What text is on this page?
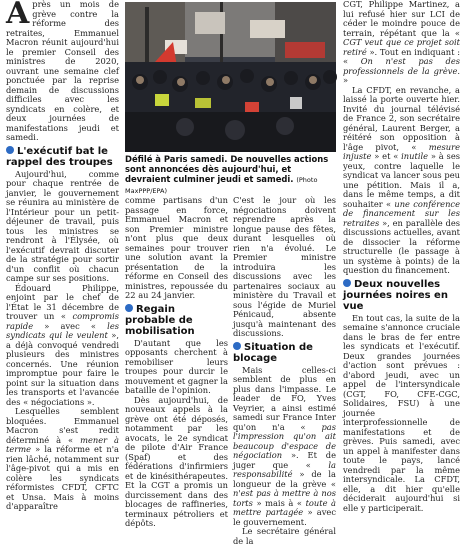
Après un mois de grève contre la réforme des retraites, Emmanuel Macron réunit aujourd'hui le premier Conseil des ministres de 2020, ouvrant une semaine clef ponctuée par la reprise demain de discussions difficiles avec les syndicats en colère, et deux journées de manifestations jeudi et samedi.

L'exécutif bat le rappel des troupes

Aujourd'hui, comme pour chaque rentrée de janvier, le gouvernement se réunira au ministère de l'Intérieur pour un petit-déjeuner de travail, puis tous les ministres se rendront à l'Élysée, où l'exécutif devrait discuter de la stratégie pour sortir d'un conflit où chacun campe sur ses positions.

Édouard Philippe, enjoint par le chef de l'État le 31 décembre de trouver un « compromis rapide » avec « les syndicats qui le veulent », a déjà convoqué vendredi plusieurs des ministres concernés. Une réunion impromptue pour faire le point sur la situation dans les transports et l'avancée des « négociations ».

Lesquelles semblent bloquées. Emmanuel Macron s'est redit déterminé à « mener à terme » la réforme et n'a rien lâché, notamment sur l'âge-pivot qui a mis en colère les syndicats réformistes CFDT, CFTC et Unsa. Mais à moins d'apparaître

Défilé à Paris samedi. De nouvelles actions sont annoncées dès aujourd'hui, et devraient culminer jeudi et samedi. (Photo MaxPPP/EPA)

comme partisans d'un passage en force, Emmanuel Macron et son Premier ministre n'ont plus que deux semaines pour trouver une solution avant la présentation de la réforme en Conseil des ministres, repoussée du 22 au 24 janvier.

Regain probable de mobilisation

D'autant que les opposants cherchent à remobiliser leurs troupes pour durcir le mouvement et gagner la bataille de l'opinion.

Dès aujourd'hui, de nouveaux appels à la grève ont été déposés, notamment par les avocats, le 2e syndicat de pilote d'Air France (Spaf) et des fédérations d'infirmiers et de kinésithérapeutes. Et la CGT a promis un durcissement dans des blocages de raffineries, terminaux pétroliers et dépôts.

C'est le jour où les négociations doivent reprendre après la longue pause des fêtes, durant lesquelles où rien n'a évolué. Le Premier ministre introduira les discussions avec les partenaires sociaux au ministère du Travail et sous l'égide de Muriel Pénicaud, absente jusqu'à maintenant des discussions.

Situation de blocage

Mais celles-ci semblent de plus en plus dans l'impasse. Le leader de FO, Yves Veyrier, a ainsi estimé samedi sur France Inter qu'on n'a « pas l'impression qu'on ait beaucoup d'espace de négociation ». Et de juger que « la responsabilité » de la longueur de la grève « n'est pas à mettre à nos torts » mais à « toute à mettre partagée » avec le gouvernement.

Le secrétaire général de la

CGT, Philippe Martinez, a lui refusé hier sur LCI de céder le moindre pouce de terrain, répétant que la « CGT veut que ce projet soit retiré ». Tout en indiquant : « On n'est pas des professionnels de la grève. »

La CFDT, en revanche, a laissé la porte ouverte hier. Invité du journal télévisé de France 2, son secrétaire général, Laurent Berger, a réitéré son opposition à l'âge pivot, « mesure injuste » et « inutile » à ses yeux, contre laquelle le syndicat va lancer sous peu une pétition. Mais il a, dans le même temps, a dit souhaiter « une conférence de financement sur les retraites », en parallèle des discussions actuelles, avant de dissocier la réforme structurelle (le passage à un système à points) de la question du financement.

Deux nouvelles journées noires en vue

En tout cas, la suite de la semaine s'annonce cruciale dans le bras de fer entre les syndicats et l'exécutif. Deux grandes journées d'action sont prévues : d'abord jeudi, avec un appel de l'intersyndicale (CGT, FO, CFE-CGC, Solidaires, FSU) à une journée interprofessionnelle de manifestations et de grèves. Puis samedi, avec un appel à manifester dans toute le pays, lancé vendredi par la même intersyndicale. La CFDT, elle, a dit hier qu'elle déciderait aujourd'hui si elle y participerait.
